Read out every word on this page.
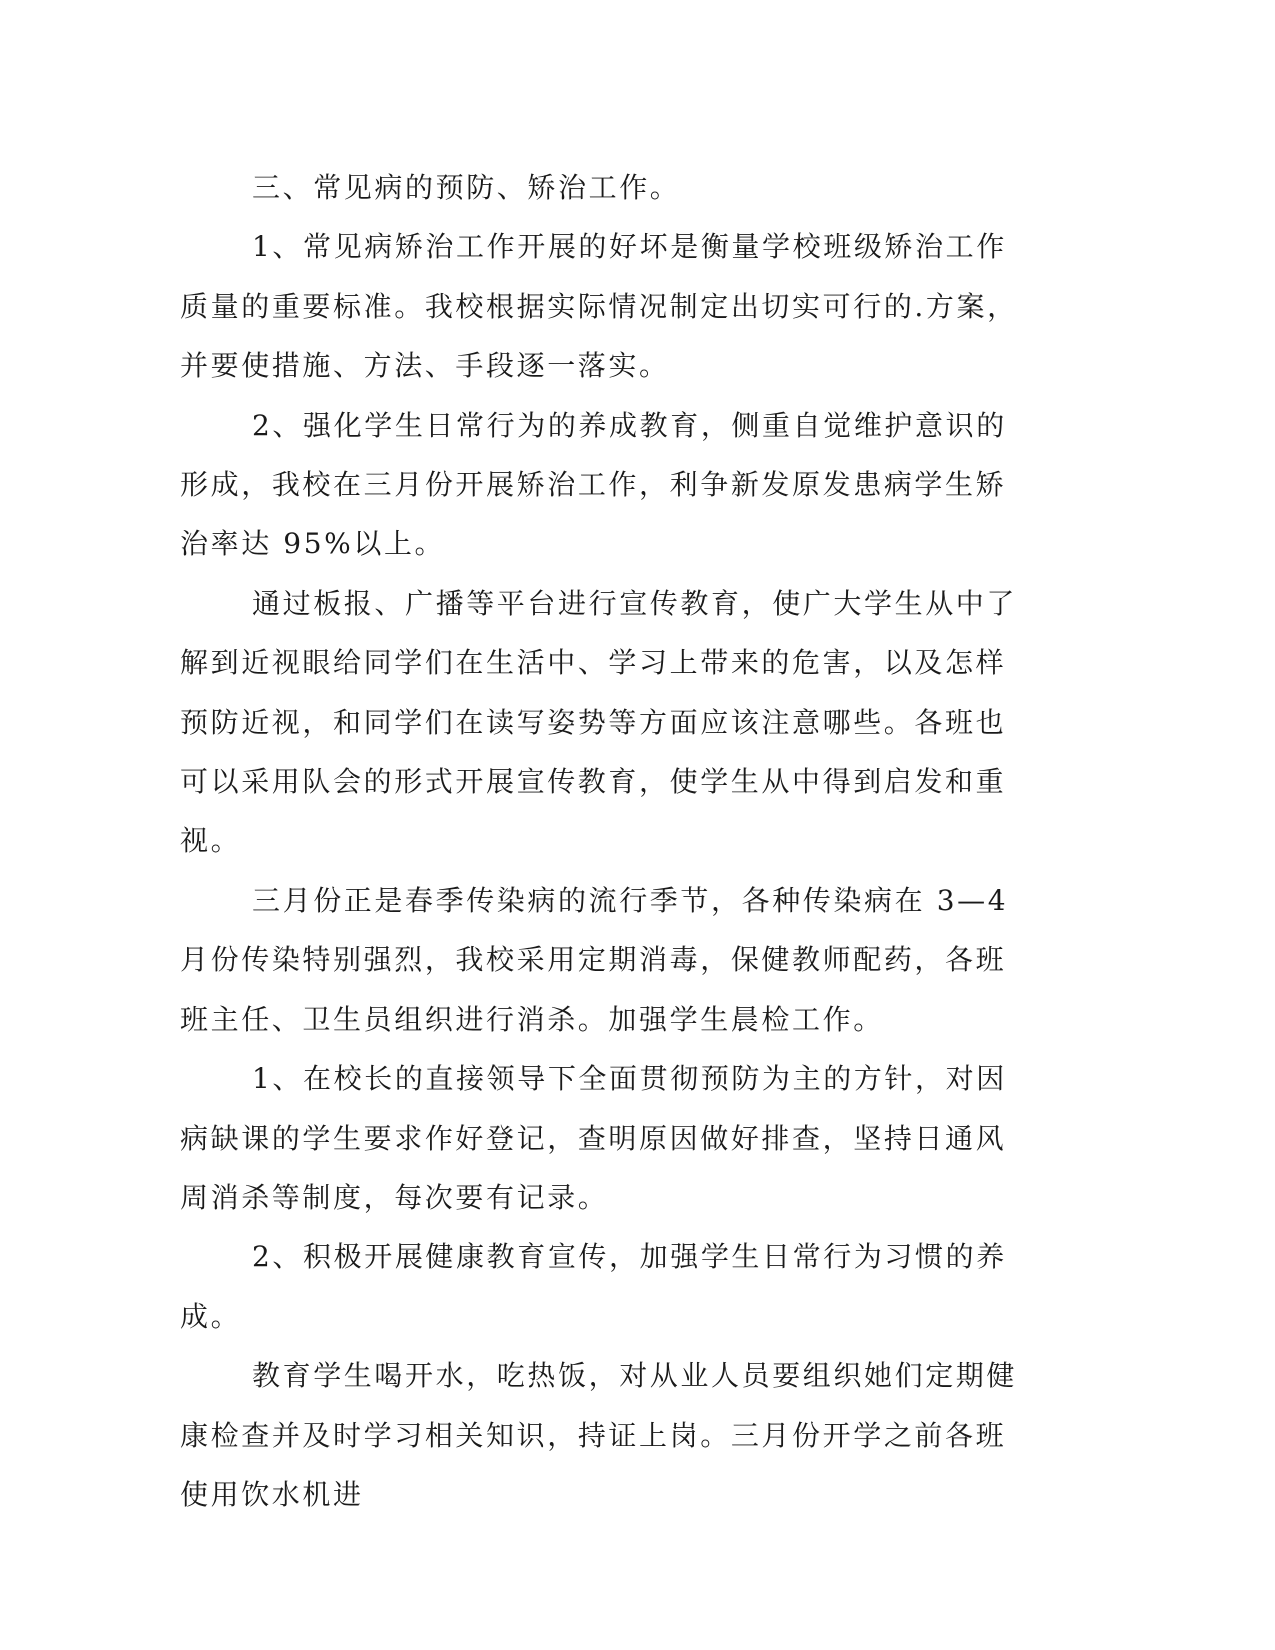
三、常见病的预防、矫治工作。

1、常见病矫治工作开展的好坏是衡量学校班级矫治工作质量的重要标准。我校根据实际情况制定出切实可行的.方案，并要使措施、方法、手段逐一落实。

2、强化学生日常行为的养成教育，侧重自觉维护意识的形成，我校在三月份开展矫治工作，利争新发原发患病学生矫治率达 95%以上。

通过板报、广播等平台进行宣传教育，使广大学生从中了解到近视眼给同学们在生活中、学习上带来的危害，以及怎样预防近视，和同学们在读写姿势等方面应该注意哪些。各班也可以采用队会的形式开展宣传教育，使学生从中得到启发和重视。

三月份正是春季传染病的流行季节，各种传染病在 3—4 月份传染特别强烈，我校采用定期消毒，保健教师配药，各班班主任、卫生员组织进行消杀。加强学生晨检工作。

1、在校长的直接领导下全面贯彻预防为主的方针，对因病缺课的学生要求作好登记，查明原因做好排查，坚持日通风周消杀等制度，每次要有记录。

2、积极开展健康教育宣传，加强学生日常行为习惯的养成。

教育学生喝开水，吃热饭，对从业人员要组织她们定期健康检查并及时学习相关知识，持证上岗。三月份开学之前各班使用饮水机进
